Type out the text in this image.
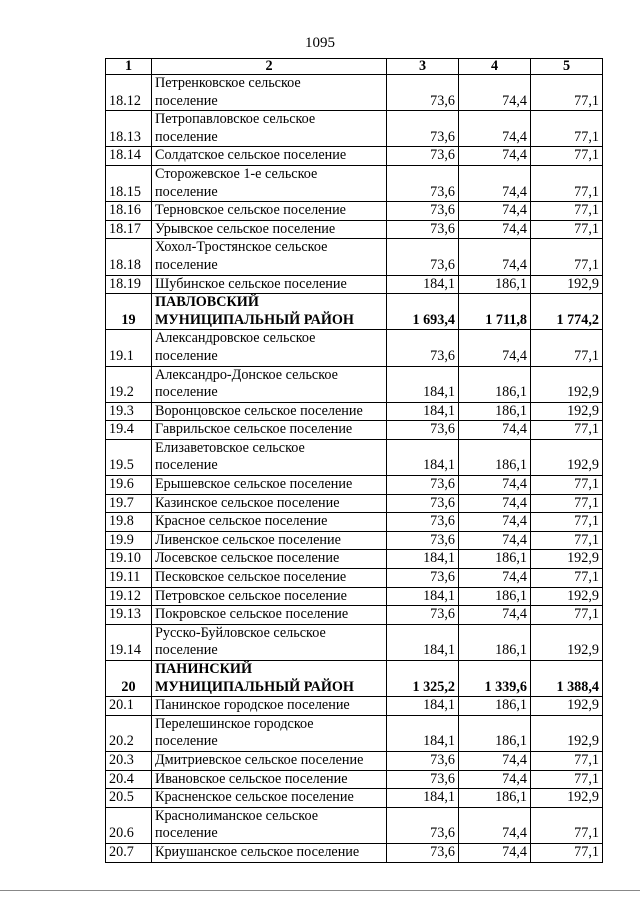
1095
1	2	3	4	5
18.12	Петренковское сельское
поселение	73,6	74,4	77,1
18.13	Петропавловское сельское
поселение	73,6	74,4	77,1
18.14	Солдатское сельское поселение	73,6	74,4	77,1
18.15	Сторожевское 1-е сельское
поселение	73,6	74,4	77,1
18.16	Терновское сельское поселение	73,6	74,4	77,1
18.17	Урывское сельское поселение	73,6	74,4	77,1
18.18	Хохол-Тростянское сельское
поселение	73,6	74,4	77,1
18.19	Шубинское сельское поселение	184,1	186,1	192,9
19	ПАВЛОВСКИЙ
МУНИЦИПАЛЬНЫЙ РАЙОН	1 693,4	1 711,8	1 774,2
19.1	Александровское сельское
поселение	73,6	74,4	77,1
19.2	Александро-Донское сельское
поселение	184,1	186,1	192,9
19.3	Воронцовское сельское поселение	184,1	186,1	192,9
19.4	Гаврильское сельское поселение	73,6	74,4	77,1
19.5	Елизаветовское сельское
поселение	184,1	186,1	192,9
19.6	Ерышевское сельское поселение	73,6	74,4	77,1
19.7	Казинское сельское поселение	73,6	74,4	77,1
19.8	Красное сельское поселение	73,6	74,4	77,1
19.9	Ливенское сельское поселение	73,6	74,4	77,1
19.10	Лосевское сельское поселение	184,1	186,1	192,9
19.11	Песковское сельское поселение	73,6	74,4	77,1
19.12	Петровское сельское поселение	184,1	186,1	192,9
19.13	Покровское сельское поселение	73,6	74,4	77,1
19.14	Русско-Буйловское сельское
поселение	184,1	186,1	192,9
20	ПАНИНСКИЙ
МУНИЦИПАЛЬНЫЙ РАЙОН	1 325,2	1 339,6	1 388,4
20.1	Панинское городское поселение	184,1	186,1	192,9
20.2	Перелешинское городское
поселение	184,1	186,1	192,9
20.3	Дмитриевское сельское поселение	73,6	74,4	77,1
20.4	Ивановское сельское поселение	73,6	74,4	77,1
20.5	Красненское сельское поселение	184,1	186,1	192,9
20.6	Краснолиманское сельское
поселение	73,6	74,4	77,1
20.7	Криушанское сельское поселение	73,6	74,4	77,1
